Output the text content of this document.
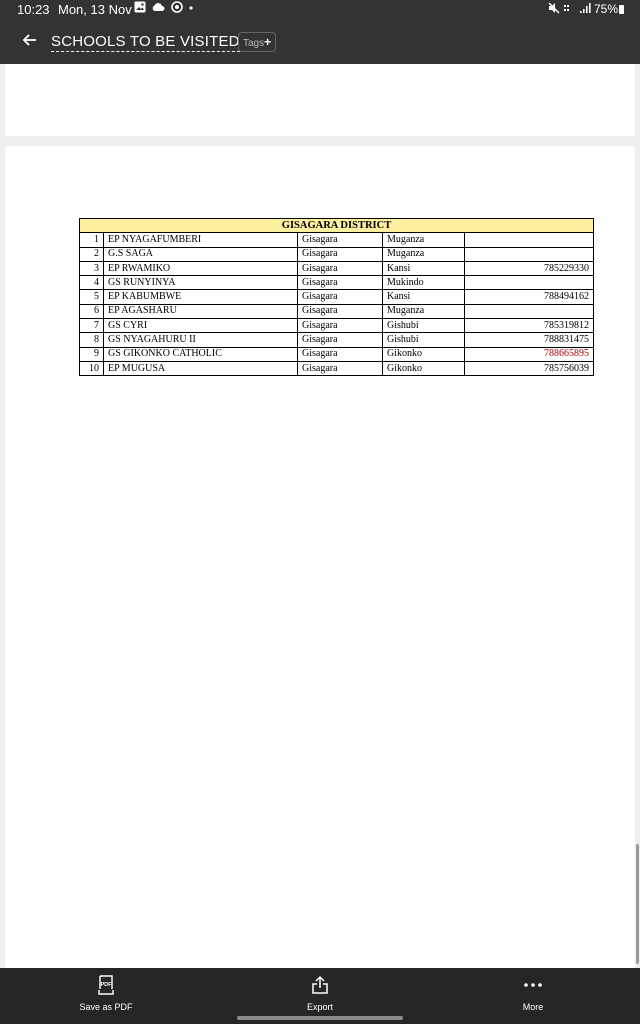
10:23 Mon, 13 Nov
	75%
SCHOOLS TO BE VISITED Tags+
GISAGARA DISTRICT				
1	EP NYAGAFUMBERI	Gisagara	Muganza	
2	G.S SAGA	Gisagara	Muganza	
3	EP RWAMIKO	Gisagara	Kansi	785229330
4	GS RUNYINYA	Gisagara	Mukindo	
5	EP KABUMBWE	Gisagara	Kansi	788494162
6	EP AGASHARU	Gisagara	Muganza	
7	GS CYRI	Gisagara	Gishubi	785319812
8	GS NYAGAHURU II	Gisagara	Gishubi	788831475
9	GS GIKONKO CATHOLIC	Gisagara	Gikonko	788665895
10	EP MUGUSA	Gisagara	Gikonko	785756039
PDF
Save as PDF	Export	More
